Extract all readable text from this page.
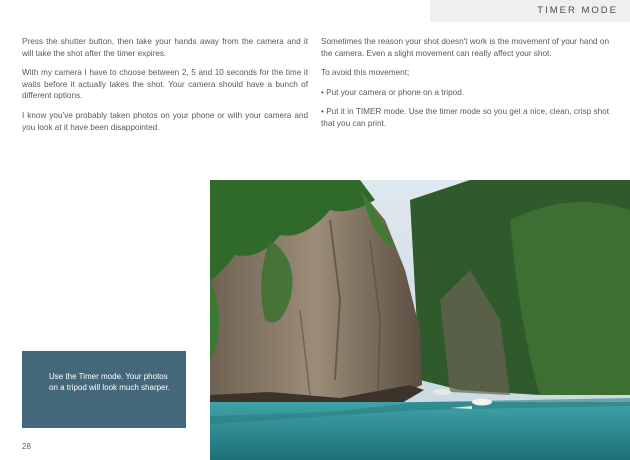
TIMER MODE

Press the shutter button, then take your hands away from the camera and it will take the shot after the timer expires.

With my camera I have to choose between 2, 5 and 10 seconds for the time it waits before it actually takes the shot. Your camera should have a bunch of different options.

I know you've probably taken photos on your phone or with your camera and you look at it have been disappointed.

Sometimes the reason your shot doesn't work is the movement of your hand on the camera. Even a slight movement can really affect your shot.

To avoid this movement;

• Put your camera or phone on a tripod.

• Put it in TIMER mode. Use the timer mode so you get a nice, clean, crisp shot that you can print.

Use the Timer mode. Your photos on a tripod will look much sharper.
28
